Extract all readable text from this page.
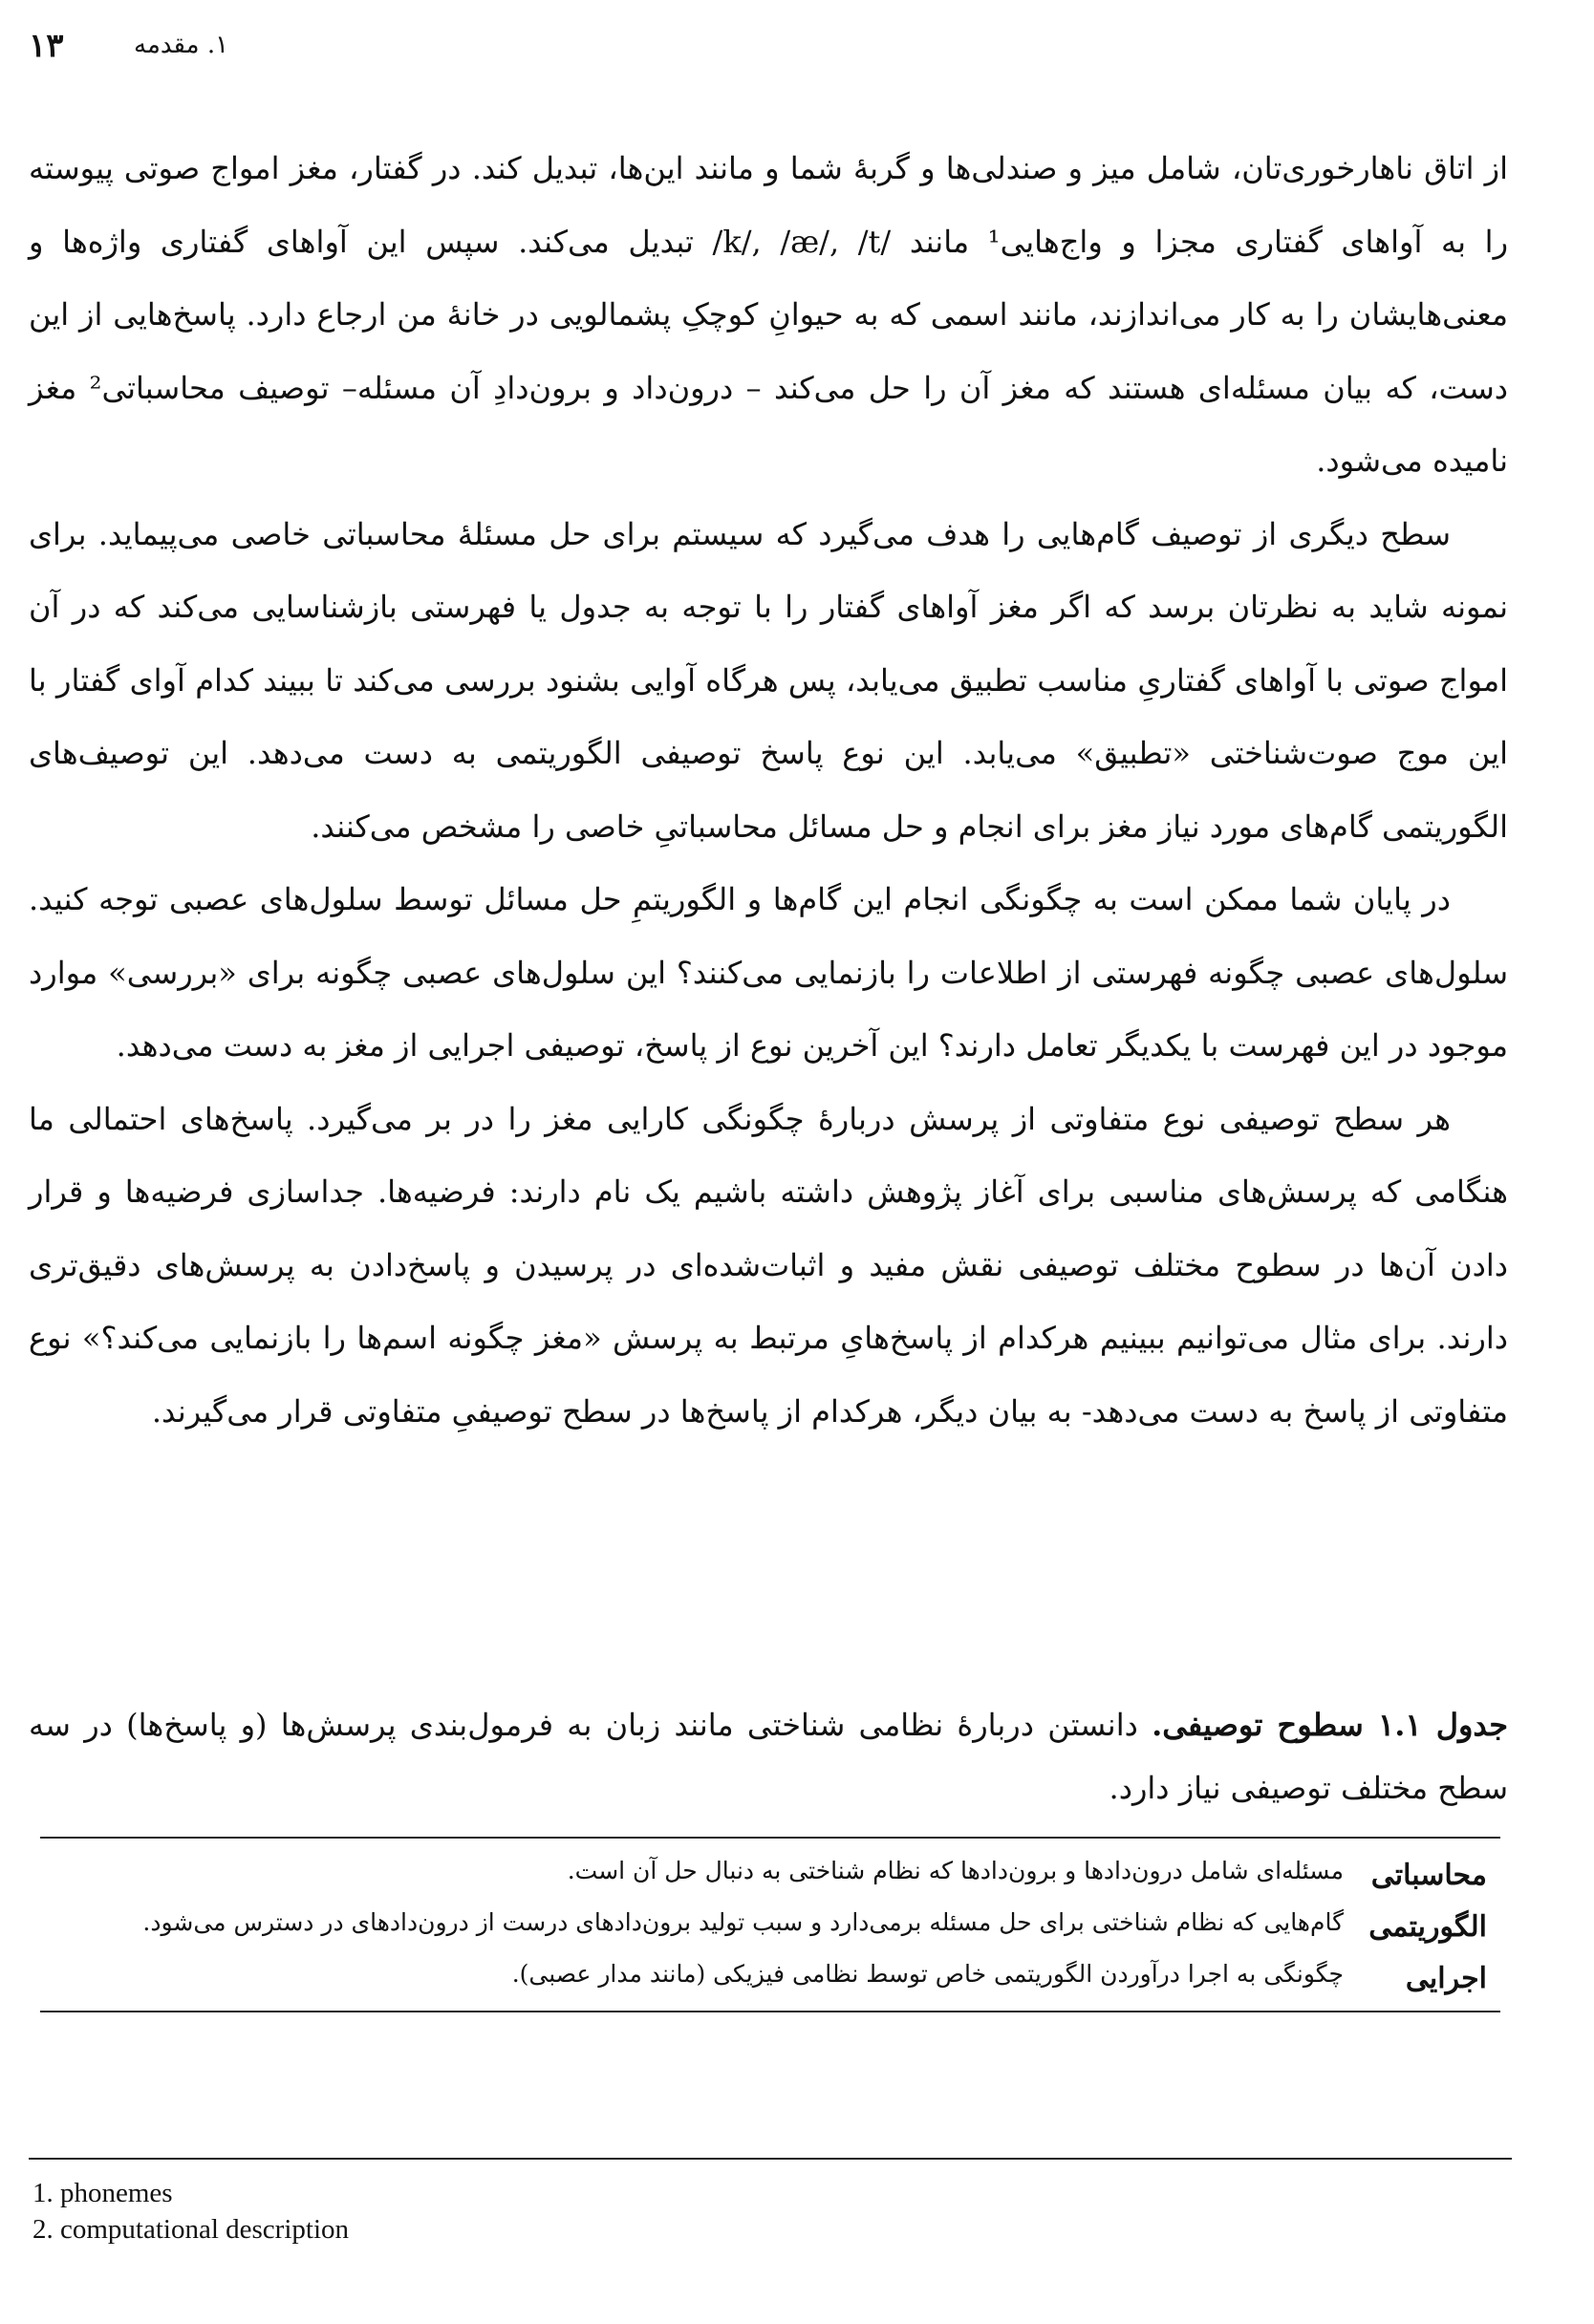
۱۳	۱. مقدمه

از اتاق ناهارخوری‌تان، شامل میز و صندلی‌ها و گربهٔ شما و مانند این‌ها، تبدیل کند. در گفتار، مغز امواج صوتی پیوسته را به آواهای گفتاری مجزا و واج‌هایی¹ مانند /k/, /æ/, /t/ تبدیل می‌کند. سپس این آواهای گفتاری واژه‌ها و معنی‌هایشان را به کار می‌اندازند، مانند اسمی که به حیوانِ کوچکِ پشمالویی در خانهٔ من ارجاع دارد. پاسخ‌هایی از این دست، که بیان مسئله‌ای هستند که مغز آن را حل می‌کند – درون‌داد و برون‌دادِ آن مسئله– توصیف محاسباتی² مغز نامیده می‌شود.

سطح دیگری از توصیف گام‌هایی را هدف می‌گیرد که سیستم برای حل مسئلهٔ محاسباتی خاصی می‌پیماید. برای نمونه شاید به نظرتان برسد که اگر مغز آواهای گفتار را با توجه به جدول یا فهرستی بازشناسایی می‌کند که در آن امواج صوتی با آواهای گفتاریِ مناسب تطبیق می‌یابد، پس هرگاه آوایی بشنود بررسی می‌کند تا ببیند کدام آوای گفتار با این موج صوت‌شناختی «تطبیق» می‌یابد. این نوع پاسخ توصیفی الگوریتمی به دست می‌دهد. این توصیف‌های الگوریتمی گام‌های مورد نیاز مغز برای انجام و حل مسائل محاسباتیِ خاصی را مشخص می‌کنند.

در پایان شما ممکن است به چگونگی انجام این گام‌ها و الگوریتمِ حل مسائل توسط سلول‌های عصبی توجه کنید. سلول‌های عصبی چگونه فهرستی از اطلاعات را بازنمایی می‌کنند؟ این سلول‌های عصبی چگونه برای «بررسی» موارد موجود در این فهرست با یکدیگر تعامل دارند؟ این آخرین نوع از پاسخ، توصیفی اجرایی از مغز به دست می‌دهد.

هر سطح توصیفی نوع متفاوتی از پرسش دربارهٔ چگونگی کارایی مغز را در بر می‌گیرد. پاسخ‌های احتمالی ما هنگامی که پرسش‌های مناسبی برای آغاز پژوهش داشته باشیم یک نام دارند: فرضیه‌ها. جداسازی فرضیه‌ها و قرار دادن آن‌ها در سطوح مختلف توصیفی نقش مفید و اثبات‌شده‌ای در پرسیدن و پاسخ‌دادن به پرسش‌های دقیق‌تری دارند. برای مثال می‌توانیم ببینیم هرکدام از پاسخ‌هایِ مرتبط به پرسش «مغز چگونه اسم‌ها را بازنمایی می‌کند؟» نوع متفاوتی از پاسخ به دست می‌دهد- به بیان دیگر، هرکدام از پاسخ‌ها در سطح توصیفیِ متفاوتی قرار می‌گیرند.

جدول ۱.۱ سطوح توصیفی. دانستن دربارهٔ نظامی شناختی مانند زبان به فرمول‌بندی پرسش‌ها (و پاسخ‌ها) در سه سطح مختلف توصیفی نیاز دارد.
محاسباتی
مسئله‌ای شامل درون‌دادها و برون‌دادها که نظام شناختی به دنبال حل آن است.
الگوریتمی
گام‌هایی که نظام شناختی برای حل مسئله برمی‌دارد و سبب تولید برون‌دادهای درست از درون‌دادهای در دسترس می‌شود.
اجرایی
چگونگی به اجرا درآوردن الگوریتمی خاص توسط نظامی فیزیکی (مانند مدار عصبی).
1. phonemes
2. computational description
